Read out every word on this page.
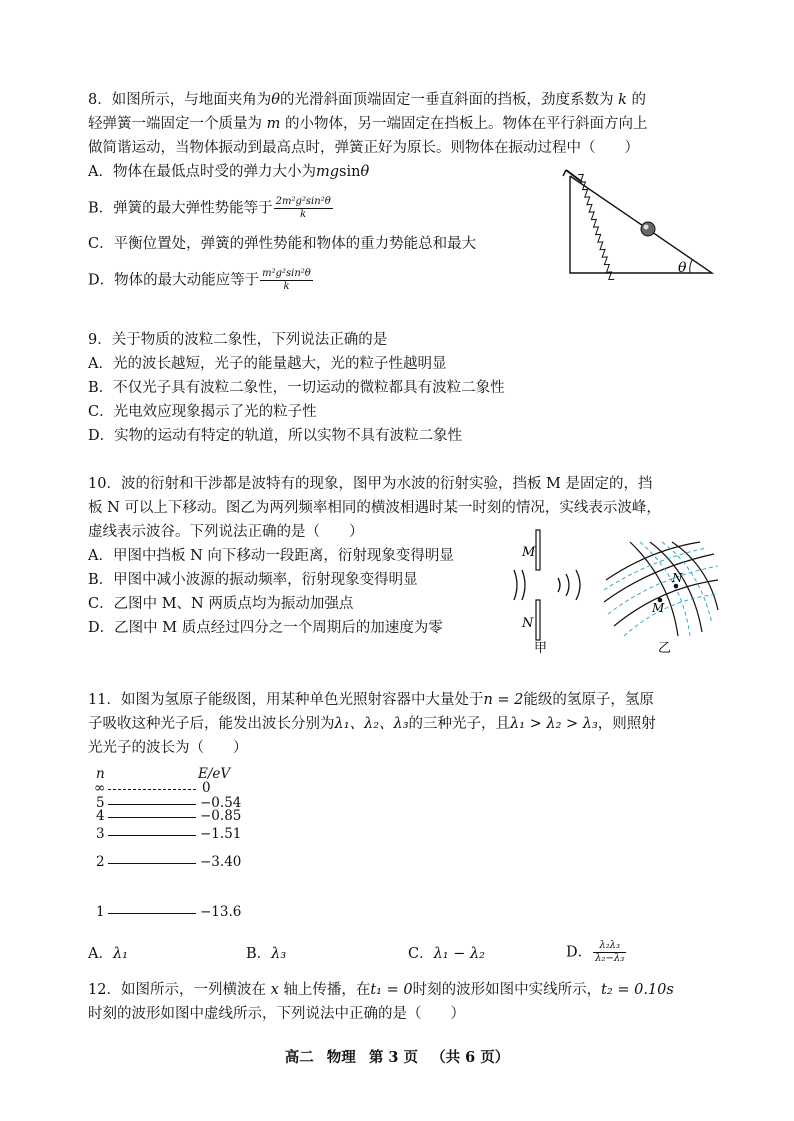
8．如图所示，与地面夹角为θ的光滑斜面顶端固定一垂直斜面的挡板，劲度系数为 k 的
轻弹簧一端固定一个质量为 m 的小物体，另一端固定在挡板上。物体在平行斜面方向上
做简谐运动，当物体振动到最高点时，弹簧正好为原长。则物体在振动过程中（　　）
A．物体在最低点时受的弹力大小为mgsinθ
B．弹簧的最大弹性势能等于 $\frac{\text{2m²g²sin²θ}}{k}$
C．平衡位置处，弹簧的弹性势能和物体的重力势能总和最大
D．物体的最大动能应等于 $\frac{\text{m²g²sin²θ}}{k}$	θ
9．关于物质的波粒二象性，下列说法正确的是
A．光的波长越短，光子的能量越大，光的粒子性越明显
B．不仅光子具有波粒二象性，一切运动的微粒都具有波粒二象性
C．光电效应现象揭示了光的粒子性
D．实物的运动有特定的轨道，所以实物不具有波粒二象性
10．波的衍射和干涉都是波特有的现象，图甲为水波的衍射实验，挡板 M 是固定的，挡
板 N 可以上下移动。图乙为两列频率相同的横波相遇时某一时刻的情况，实线表示波峰，
虚线表示波谷。下列说法正确的是（　　）
A．甲图中挡板 N 向下移动一段距离，衍射现象变得明显
B．甲图中减小波源的振动频率，衍射现象变得明显
C．乙图中 M、N 两质点均为振动加强点
D．乙图中 M 质点经过四分之一个周期后的加速度为零
M
N
甲
N
M
乙
11．如图为氢原子能级图，用某种单色光照射容器中大量处于n = 2能级的氢原子，氢原
子吸收这种光子后，能发出波长分别为λ₁、λ₂、λ₃的三种光子，且λ₁ > λ₂ > λ₃，则照射
光光子的波长为（　　）
n	E/eV
∞	0
5	−0.54
4	−0.85
3	−1.51
2	−3.40
1	−13.6
A．λ₁	B．λ₃	C．λ₁ − λ₂	D． $\frac{\text{λ₂λ₃}}{\text{λ₂−λ₃}}$
12．如图所示，一列横波在 x 轴上传播，在t₁ = 0时刻的波形如图中实线所示，t₂ = 0.10s
时刻的波形如图中虚线所示，下列说法中正确的是（　　）
高二 物理 第 3 页 （共 6 页）
